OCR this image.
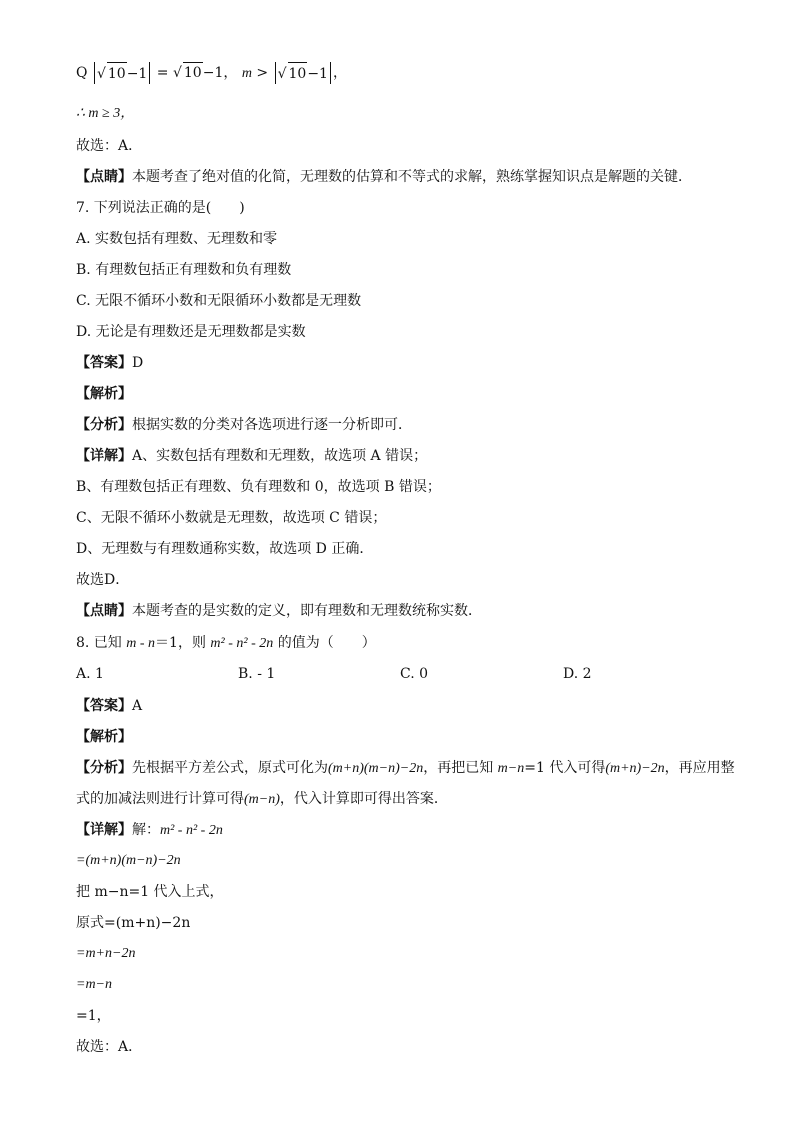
Q √ 10−1 = √ 10−1， m > √ 10−1 ，
∴ m ≥ 3，
故选：A．
【点睛】本题考查了绝对值的化简，无理数的估算和不等式的求解，熟练掌握知识点是解题的关键．
7. 下列说法正确的是(　　)
A. 实数包括有理数、无理数和零
B. 有理数包括正有理数和负有理数
C. 无限不循环小数和无限循环小数都是无理数
D. 无论是有理数还是无理数都是实数
【答案】D
【解析】
【分析】根据实数的分类对各选项进行逐一分析即可．
【详解】A、实数包括有理数和无理数，故选项 A 错误；
B、有理数包括正有理数、负有理数和 0，故选项 B 错误；
C、无限不循环小数就是无理数，故选项 C 错误；
D、无理数与有理数通称实数，故选项 D 正确．
故选D．
【点睛】本题考查的是实数的定义，即有理数和无理数统称实数．
8. 已知 m - n＝1，则 m² - n² - 2n 的值为（　　）
A. 1	B. - 1	C. 0	D. 2
【答案】A
【解析】
【分析】先根据平方差公式，原式可化为(m+n)(m−n)−2n，再把已知 m−n=1 代入可得(m+n)−2n，再应用整
式的加减法则进行计算可得(m−n)，代入计算即可得出答案．
【详解】解：m² - n² - 2n
=(m+n)(m−n)−2n
把 m−n=1 代入上式，
原式=(m+n)−2n
=m+n−2n
=m−n
=1，
故选：A．
